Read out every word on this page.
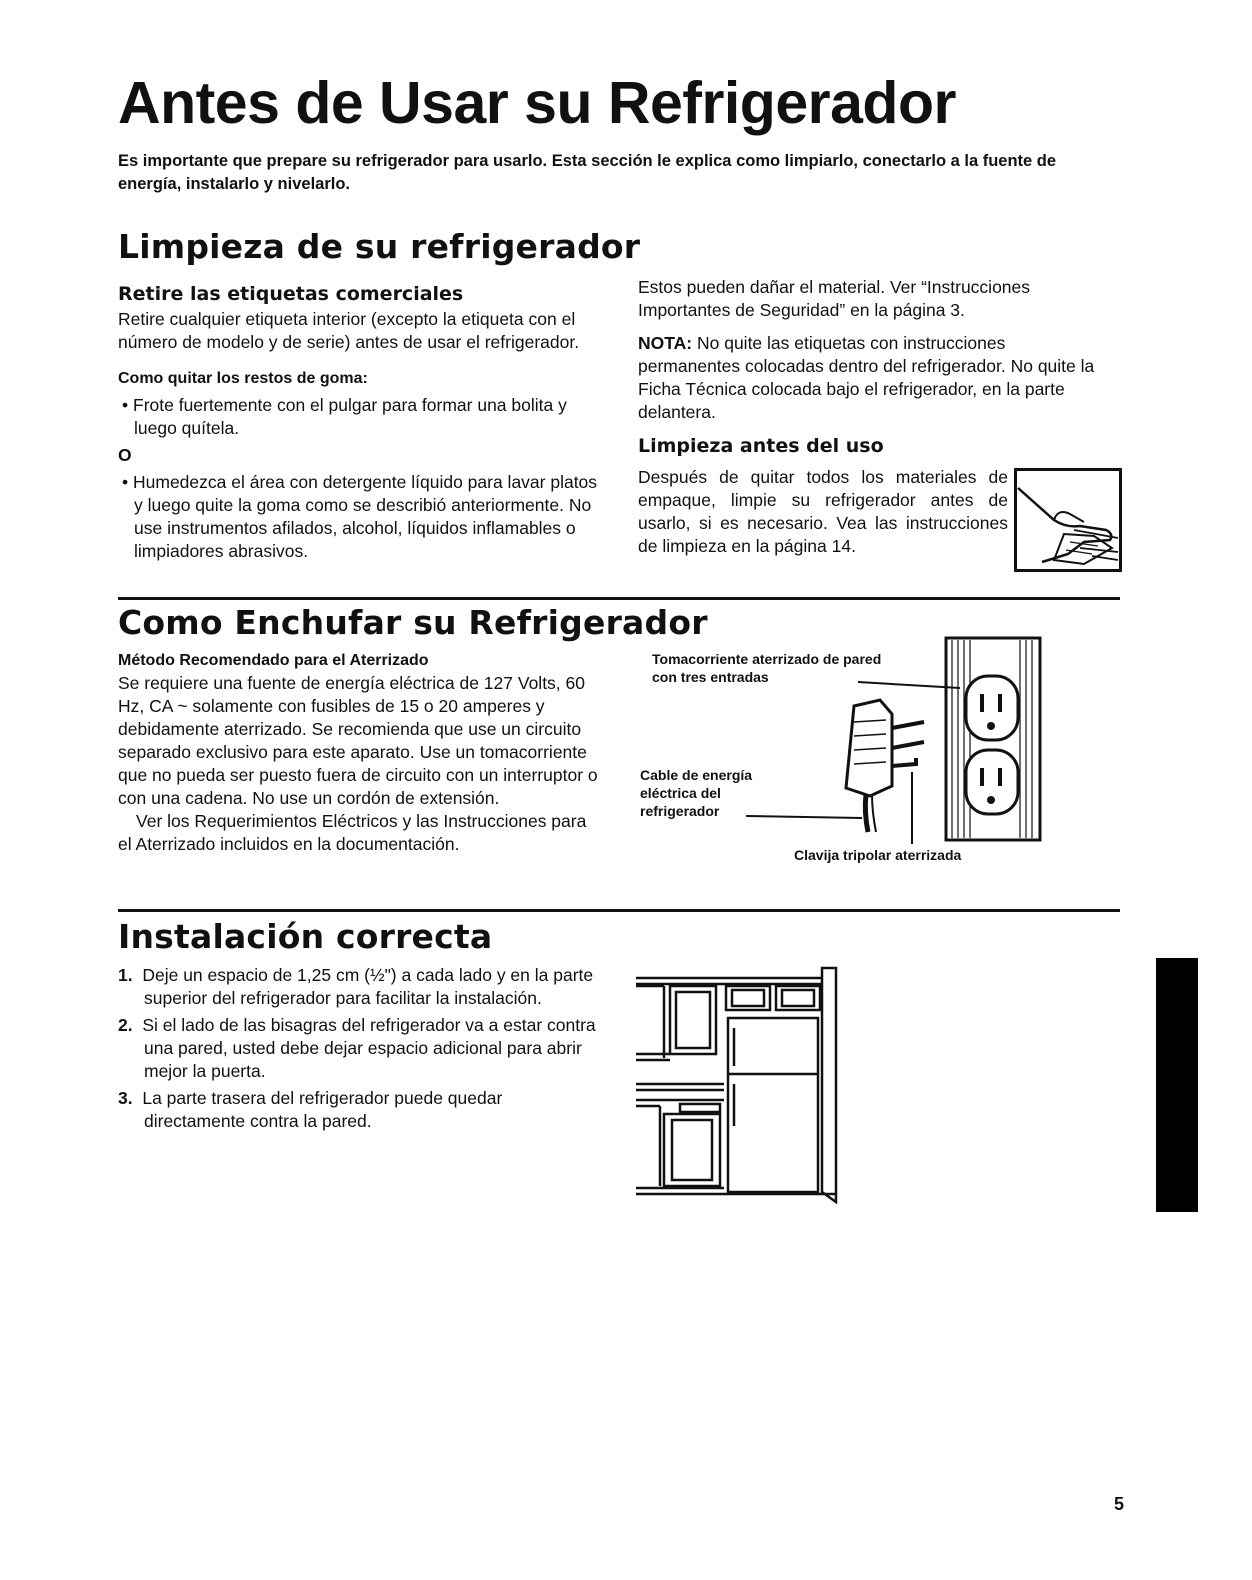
Antes de Usar su Refrigerador

Es importante que prepare su refrigerador para usarlo. Esta sección le explica como limpiarlo, conectarlo a la fuente de energía, instalarlo y nivelarlo.

Limpieza de su refrigerador
Retire las etiquetas comerciales

Retire cualquier etiqueta interior (excepto la etiqueta con el número de modelo y de serie) antes de usar el refrigerador.

Como quitar los restos de goma:

• Frote fuertemente con el pulgar para formar una bolita y luego quítela.

O

• Humedezca el área con detergente líquido para lavar platos y luego quite la goma como se describió anteriormente. No use instrumentos afilados, alcohol, líquidos inflamables o limpiadores abrasivos.

Estos pueden dañar el material. Ver “Instrucciones Importantes de Seguridad” en la página 3.

NOTA: No quite las etiquetas con instrucciones permanentes colocadas dentro del refrigerador. No quite la Ficha Técnica colocada bajo el refrigerador, en la parte delantera.

Limpieza antes del uso

Después de quitar todos los materiales de empaque, limpie su refrigerador antes de usarlo, si es necesario. Vea las instrucciones de limpieza en la página 14.

Como Enchufar su Refrigerador

Método Recomendado para el Aterrizado

Se requiere una fuente de energía eléctrica de 127 Volts, 60 Hz, CA ~ solamente con fusibles de 15 o 20 amperes y debidamente aterrizado. Se recomienda que use un circuito separado exclusivo para este aparato. Use un tomacorriente que no pueda ser puesto fuera de circuito con un interruptor o con una cadena. No use un cordón de extensión.

Ver los Requerimientos Eléctricos y las Instrucciones para el Aterrizado incluidos en la documentación.

Tomacorriente aterrizado de pared con tres entradas

Cable de energía eléctrica del refrigerador

Clavija tripolar aterrizada

Instalación correcta

1. Deje un espacio de 1,25 cm (½") a cada lado y en la parte superior del refrigerador para facilitar la instalación.

2. Si el lado de las bisagras del refrigerador va a estar contra una pared, usted debe dejar espacio adicional para abrir mejor la puerta.

3. La parte trasera del refrigerador puede quedar directamente contra la pared.

5
